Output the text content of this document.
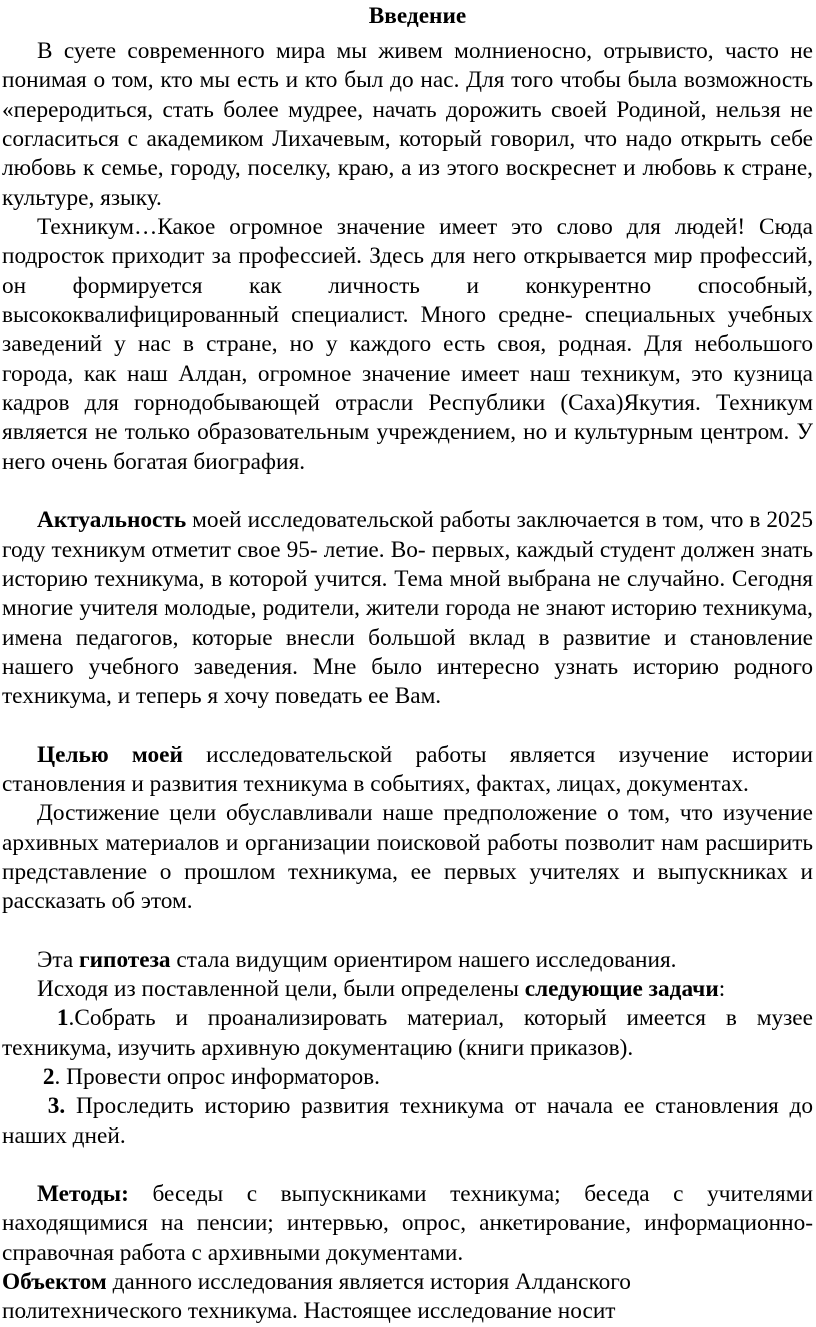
Введение

В суете современного мира мы живем молниеносно, отрывисто, часто не понимая о том, кто мы есть и кто был до нас. Для того чтобы была возможность «переродиться, стать более мудрее, начать дорожить своей Родиной, нельзя не согласиться с академиком Лихачевым, который говорил, что надо открыть себе любовь к семье, городу, поселку, краю, а из этого воскреснет и любовь к стране, культуре, языку.

Техникум…Какое огромное значение имеет это слово для людей! Сюда подросток приходит за профессией. Здесь для него открывается мир профессий, он формируется как личность и конкурентно способный, высококвалифицированный специалист. Много средне- специальных учебных заведений у нас в стране, но у каждого есть своя, родная. Для небольшого города, как наш Алдан, огромное значение имеет наш техникум, это кузница кадров для горнодобывающей отрасли Республики (Саха)Якутия. Техникум является не только образовательным учреждением, но и культурным центром. У него очень богатая биография.

Актуальность моей исследовательской работы заключается в том, что в 2025 году техникум отметит свое 95- летие. Во- первых, каждый студент должен знать историю техникума, в которой учится. Тема мной выбрана не случайно. Сегодня многие учителя молодые, родители, жители города не знают историю техникума, имена педагогов, которые внесли большой вклад в развитие и становление нашего учебного заведения. Мне было интересно узнать историю родного техникума, и теперь я хочу поведать ее Вам.

Целью моей исследовательской работы является изучение истории становления и развития техникума в событиях, фактах, лицах, документах.

Достижение цели обуславливали наше предположение о том, что изучение архивных материалов и организации поисковой работы позволит нам расширить представление о прошлом техникума, ее первых учителях и выпускниках и рассказать об этом.

Эта гипотеза стала видущим ориентиром нашего исследования.

Исходя из поставленной цели, были определены следующие задачи:

1.Собрать и проанализировать материал, который имеется в музее техникума, изучить архивную документацию (книги приказов).

2. Провести опрос информаторов.

3. Проследить историю развития техникума от начала ее становления до наших дней.

Методы: беседы с выпускниками техникума; беседа с учителями находящимися на пенсии; интервью, опрос, анкетирование, информационно-справочная работа с архивными документами.

Объектом данного исследования является история Алданского политехнического техникума. Настоящее исследование носит
